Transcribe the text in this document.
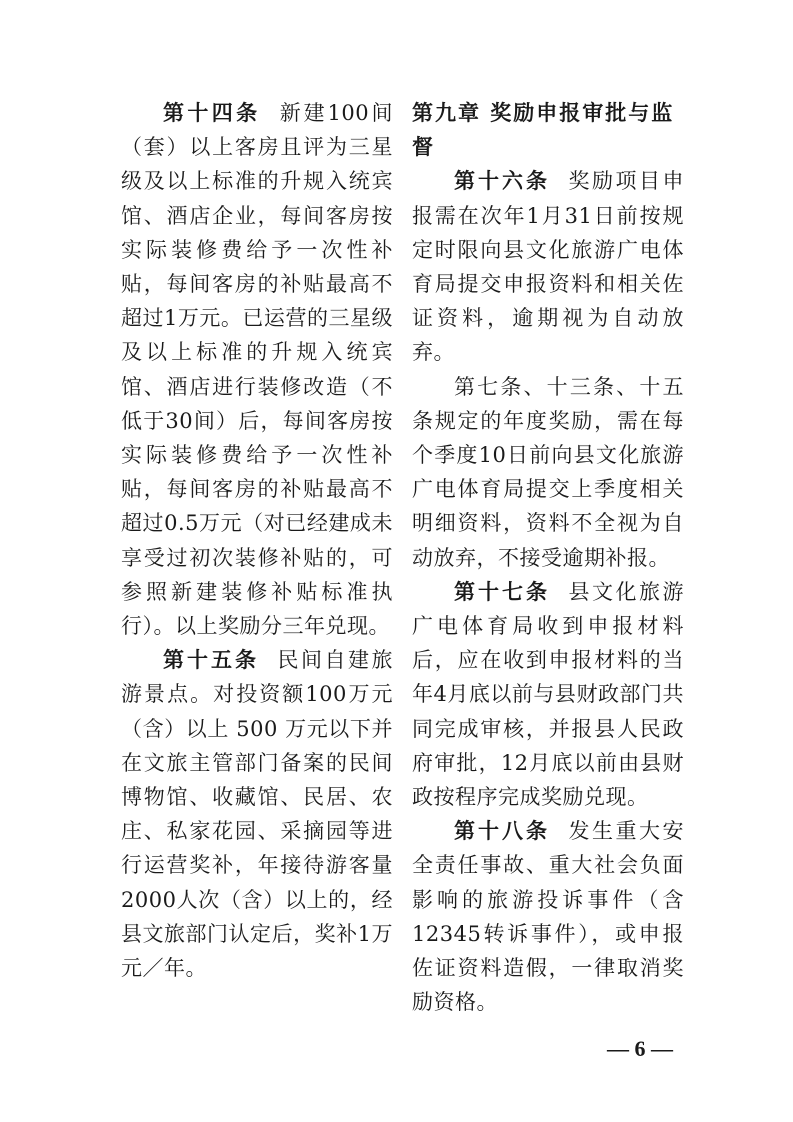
第十四条 新建100间（套）以上客房且评为三星级及以上标准的升规入统宾馆、酒店企业，每间客房按实际装修费给予一次性补贴，每间客房的补贴最高不超过1万元。已运营的三星级及以上标准的升规入统宾馆、酒店进行装修改造（不低于30间）后，每间客房按实际装修费给予一次性补贴，每间客房的补贴最高不超过0.5万元（对已经建成未享受过初次装修补贴的，可参照新建装修补贴标准执行）。以上奖励分三年兑现。

第十五条 民间自建旅游景点。对投资额100万元（含）以上 500 万元以下并在文旅主管部门备案的民间博物馆、收藏馆、民居、农庄、私家花园、采摘园等进行运营奖补，年接待游客量2000人次（含）以上的，经县文旅部门认定后，奖补1万元／年。

第九章 奖励申报审批与监督

第十六条 奖励项目申报需在次年1月31日前按规定时限向县文化旅游广电体育局提交申报资料和相关佐证资料，逾期视为自动放弃。

第七条、十三条、十五条规定的年度奖励，需在每个季度10日前向县文化旅游广电体育局提交上季度相关明细资料，资料不全视为自动放弃，不接受逾期补报。

第十七条 县文化旅游广电体育局收到申报材料后，应在收到申报材料的当年4月底以前与县财政部门共同完成审核，并报县人民政府审批，12月底以前由县财政按程序完成奖励兑现。

第十八条 发生重大安全责任事故、重大社会负面影响的旅游投诉事件（含12345转诉事件），或申报佐证资料造假，一律取消奖励资格。

— 6 —
